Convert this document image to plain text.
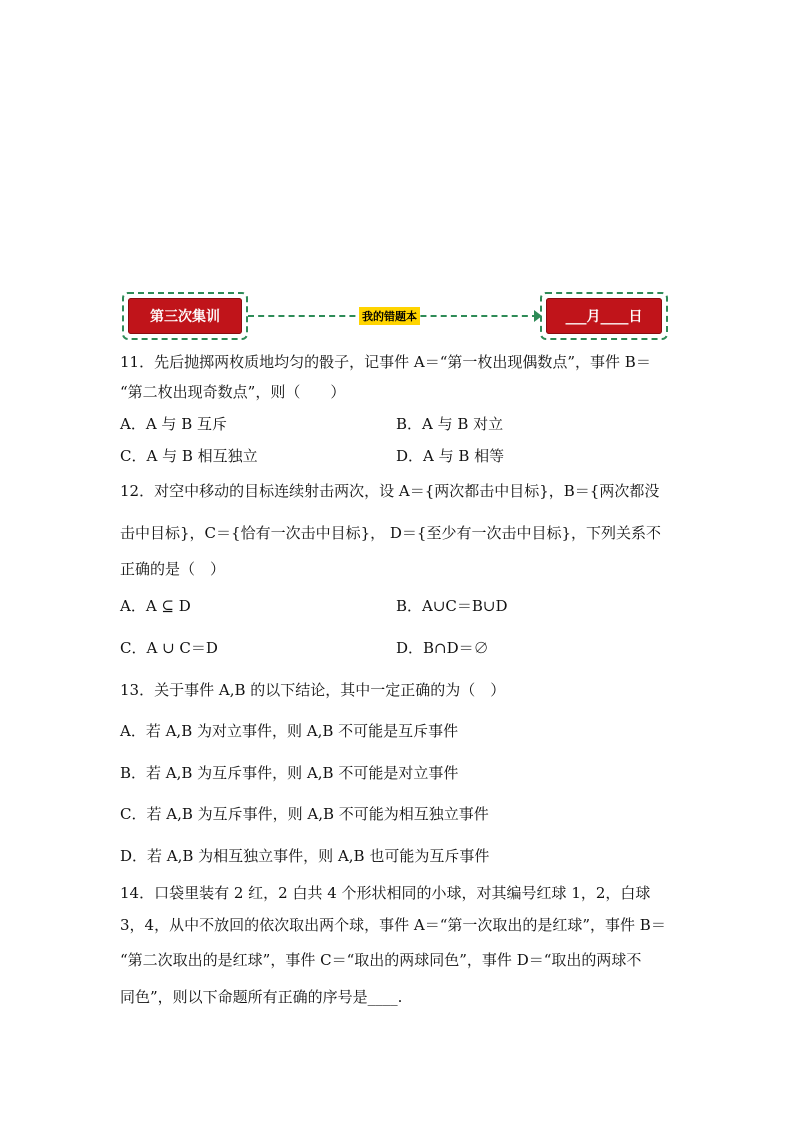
第三次集训	我的错题本	___月____日
11．先后抛掷两枚质地均匀的骰子，记事件 A＝“第一枚出现偶数点”，事件 B＝
“第二枚出现奇数点”，则（　　）
A．A 与 B 互斥	B．A 与 B 对立
C．A 与 B 相互独立	D．A 与 B 相等
12．对空中移动的目标连续射击两次，设 A＝{两次都击中目标}，B＝{两次都没
击中目标}，C＝{恰有一次击中目标}， D＝{至少有一次击中目标}，下列关系不
正确的是（　）
A．A ⊆ D	B．A∪C＝B∪D
C．A ∪ C＝D	D．B∩D＝∅
13．关于事件 A,B 的以下结论，其中一定正确的为（　）
A．若 A,B 为对立事件，则 A,B 不可能是互斥事件
B．若 A,B 为互斥事件，则 A,B 不可能是对立事件
C．若 A,B 为互斥事件，则 A,B 不可能为相互独立事件
D．若 A,B 为相互独立事件，则 A,B 也可能为互斥事件
14．口袋里装有 2 红，2 白共 4 个形状相同的小球，对其编号红球 1，2，白球
3，4，从中不放回的依次取出两个球，事件 A＝“第一次取出的是红球”，事件 B＝
“第二次取出的是红球”，事件 C＝“取出的两球同色”，事件 D＝“取出的两球不
同色”，则以下命题所有正确的序号是____.
